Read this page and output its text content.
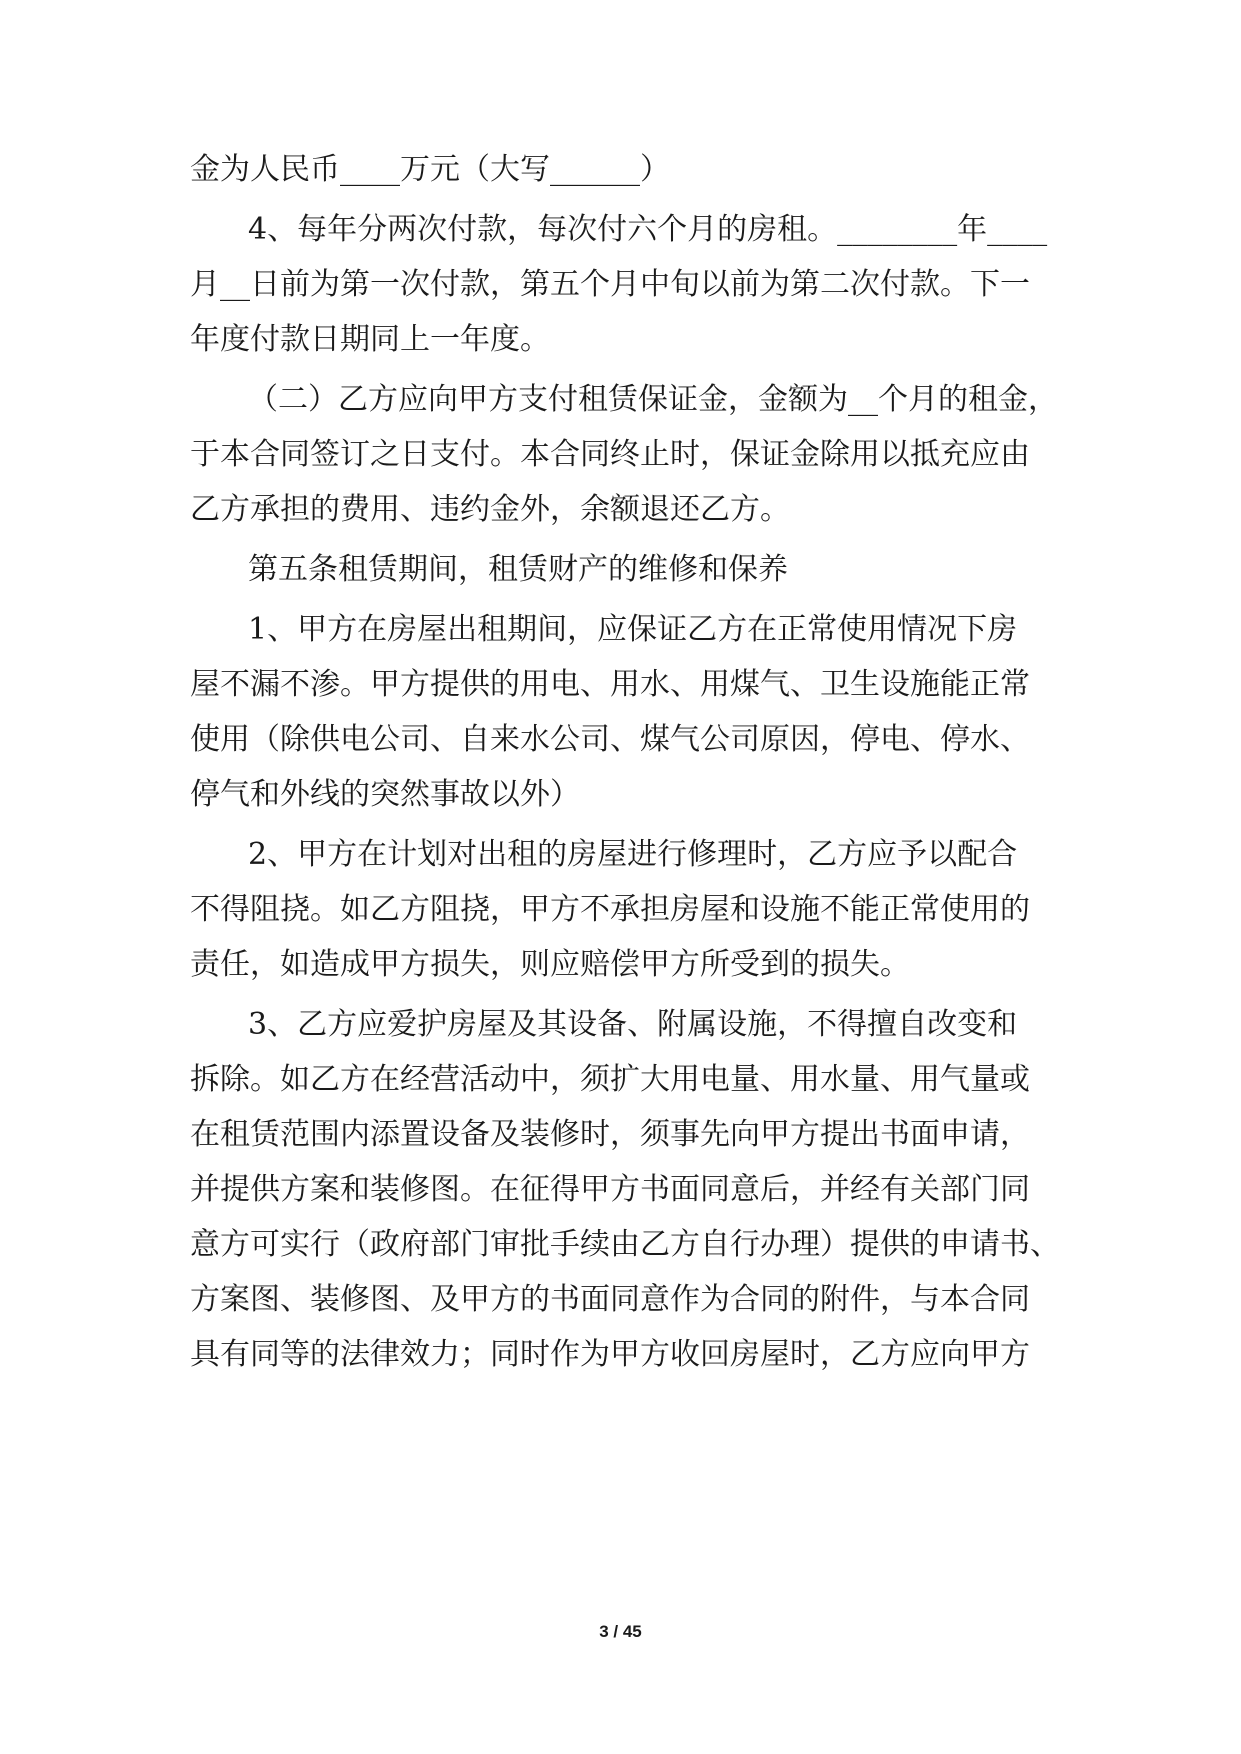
金为人民币____万元（大写______）
4、每年分两次付款，每次付六个月的房租。________年____
月__日前为第一次付款，第五个月中旬以前为第二次付款。下一
年度付款日期同上一年度。
（二）乙方应向甲方支付租赁保证金，金额为__个月的租金，
于本合同签订之日支付。本合同终止时，保证金除用以抵充应由
乙方承担的费用、违约金外，余额退还乙方。
第五条租赁期间，租赁财产的维修和保养
1、甲方在房屋出租期间，应保证乙方在正常使用情况下房
屋不漏不渗。甲方提供的用电、用水、用煤气、卫生设施能正常
使用（除供电公司、自来水公司、煤气公司原因，停电、停水、
停气和外线的突然事故以外）
2、甲方在计划对出租的房屋进行修理时，乙方应予以配合
不得阻挠。如乙方阻挠，甲方不承担房屋和设施不能正常使用的
责任，如造成甲方损失，则应赔偿甲方所受到的损失。
3、乙方应爱护房屋及其设备、附属设施，不得擅自改变和
拆除。如乙方在经营活动中，须扩大用电量、用水量、用气量或
在租赁范围内添置设备及装修时，须事先向甲方提出书面申请，
并提供方案和装修图。在征得甲方书面同意后，并经有关部门同
意方可实行（政府部门审批手续由乙方自行办理）提供的申请书、
方案图、装修图、及甲方的书面同意作为合同的附件，与本合同
具有同等的法律效力；同时作为甲方收回房屋时，乙方应向甲方
3 / 45
